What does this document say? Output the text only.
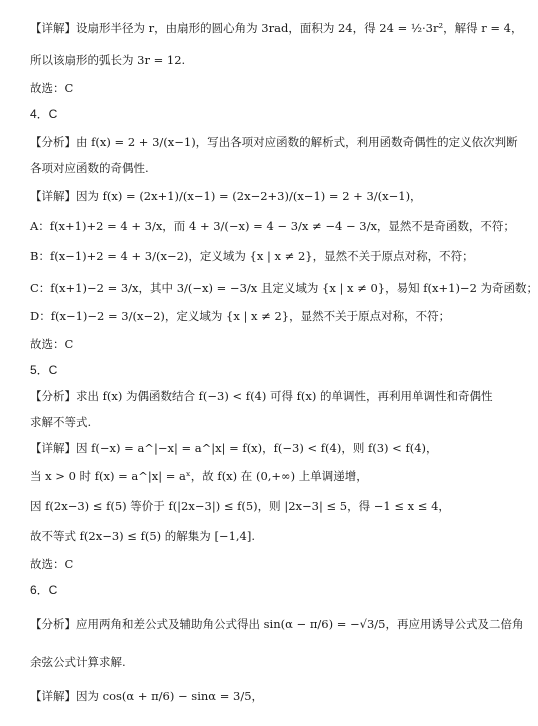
【详解】设扇形半径为 r，由扇形的圆心角为 3rad，面积为 24，得 24 = ½·3r²，解得 r = 4，
所以该扇形的弧长为 3r = 12.
故选：C
4．C
【分析】由 f(x) = 2 + 3/(x−1)，写出各项对应函数的解析式，利用函数奇偶性的定义依次判断
各项对应函数的奇偶性.
【详解】因为 f(x) = (2x+1)/(x−1) = (2x−2+3)/(x−1) = 2 + 3/(x−1)，
A：f(x+1)+2 = 4 + 3/x，而 4 + 3/(−x) = 4 − 3/x ≠ −4 − 3/x，显然不是奇函数，不符；
B：f(x−1)+2 = 4 + 3/(x−2)，定义域为 {x | x ≠ 2}，显然不关于原点对称，不符；
C：f(x+1)−2 = 3/x，其中 3/(−x) = −3/x 且定义域为 {x | x ≠ 0}，易知 f(x+1)−2 为奇函数；
D：f(x−1)−2 = 3/(x−2)，定义域为 {x | x ≠ 2}，显然不关于原点对称，不符；
故选：C
5．C
【分析】求出 f(x) 为偶函数结合 f(−3) < f(4) 可得 f(x) 的单调性，再利用单调性和奇偶性
求解不等式.
【详解】因 f(−x) = a^|−x| = a^|x| = f(x)，f(−3) < f(4)，则 f(3) < f(4)，
当 x > 0 时 f(x) = a^|x| = aˣ，故 f(x) 在 (0,+∞) 上单调递增，
因 f(2x−3) ≤ f(5) 等价于 f(|2x−3|) ≤ f(5)，则 |2x−3| ≤ 5，得 −1 ≤ x ≤ 4，
故不等式 f(2x−3) ≤ f(5) 的解集为 [−1,4].
故选：C
6．C
【分析】应用两角和差公式及辅助角公式得出 sin(α − π/6) = −√3/5，再应用诱导公式及二倍角
余弦公式计算求解.
【详解】因为 cos(α + π/6) − sinα = 3/5，
